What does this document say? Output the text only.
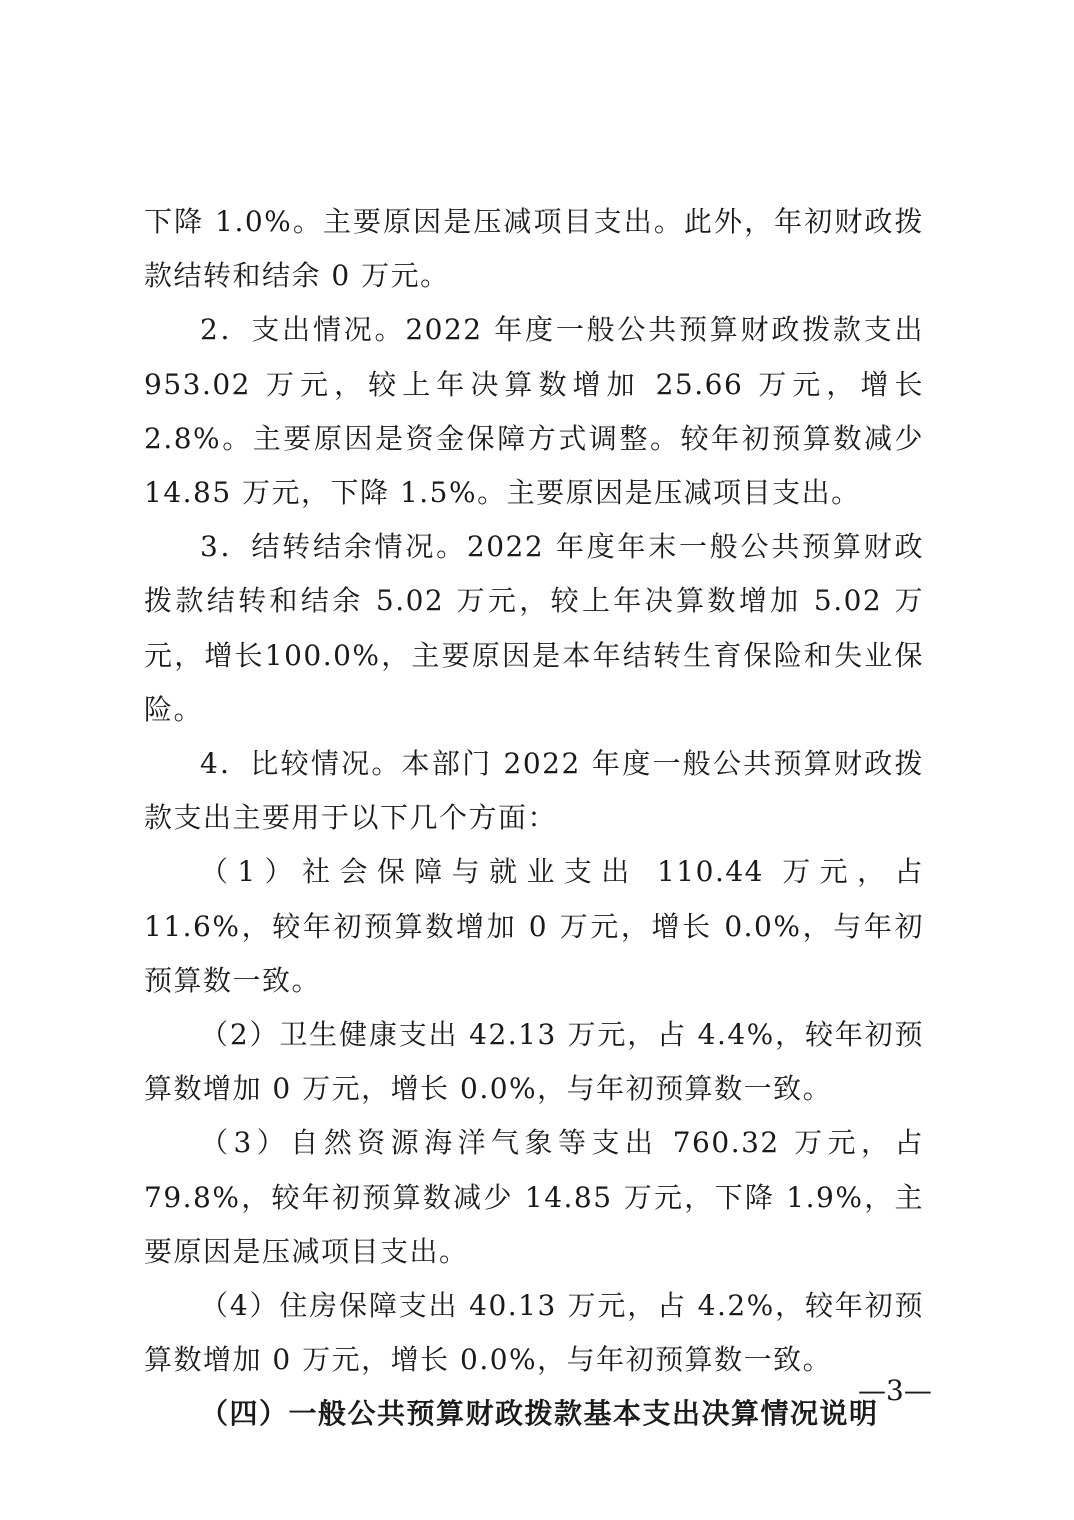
下降 1.0%。主要原因是压减项目支出。此外，年初财政拨款结转和结余 0 万元。

2．支出情况。2022 年度一般公共预算财政拨款支出953.02 万元，较上年决算数增加 25.66 万元，增长 2.8%。主要原因是资金保障方式调整。较年初预算数减少 14.85 万元，下降 1.5%。主要原因是压减项目支出。

3．结转结余情况。2022 年度年末一般公共预算财政拨款结转和结余 5.02 万元，较上年决算数增加 5.02 万元，增长100.0%，主要原因是本年结转生育保险和失业保险。

4．比较情况。本部门 2022 年度一般公共预算财政拨款支出主要用于以下几个方面：

（1）社会保障与就业支出 110.44 万元，占 11.6%，较年初预算数增加 0 万元，增长 0.0%，与年初预算数一致。

（2）卫生健康支出 42.13 万元，占 4.4%，较年初预算数增加 0 万元，增长 0.0%，与年初预算数一致。

（3）自然资源海洋气象等支出 760.32 万元，占 79.8%，较年初预算数减少 14.85 万元，下降 1.9%，主要原因是压减项目支出。

（4）住房保障支出 40.13 万元，占 4.2%，较年初预算数增加 0 万元，增长 0.0%，与年初预算数一致。

（四）一般公共预算财政拨款基本支出决算情况说明

—3—
